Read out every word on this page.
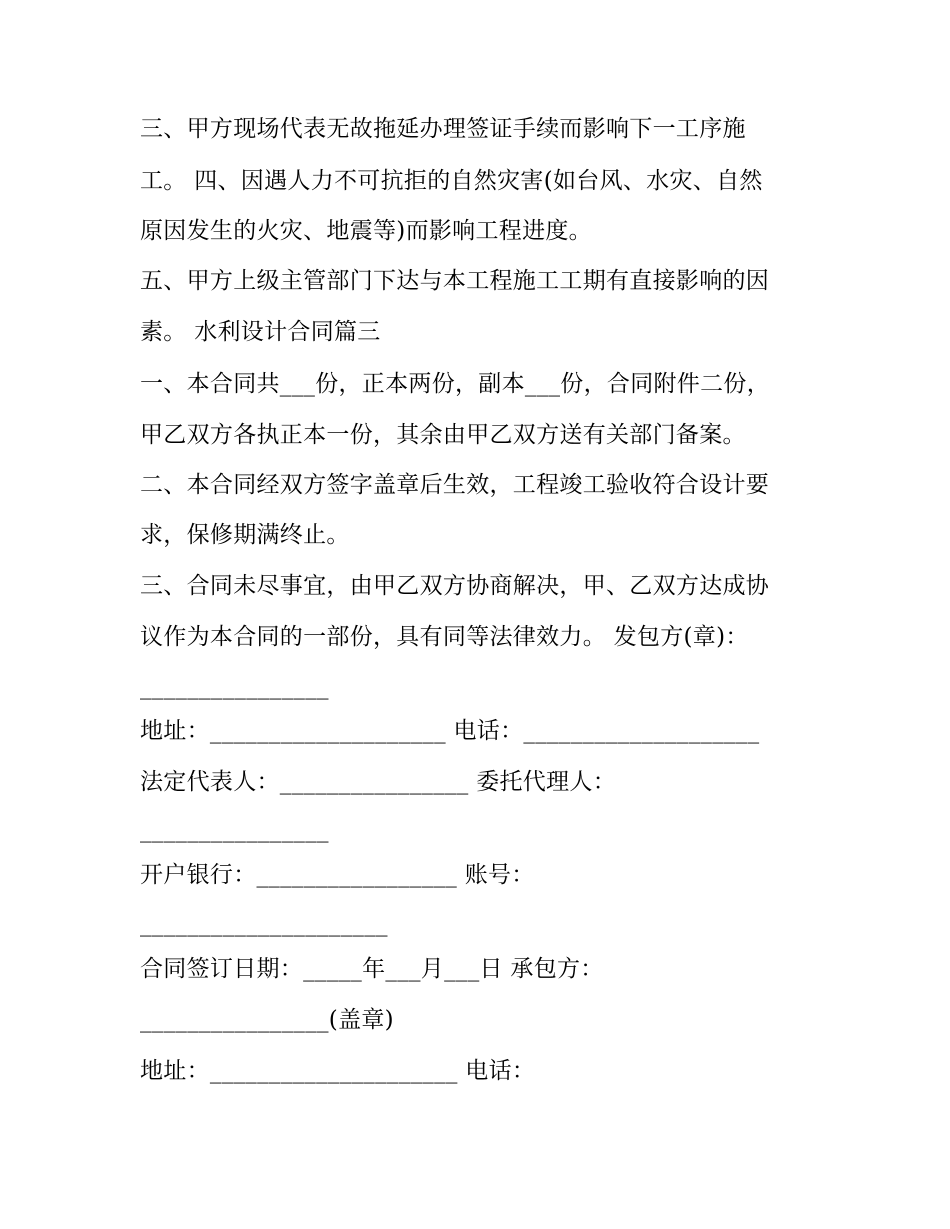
三、甲方现场代表无故拖延办理签证手续而影响下一工序施
工。 四、因遇人力不可抗拒的自然灾害(如台风、水灾、自然
原因发生的火灾、地震等)而影响工程进度。
五、甲方上级主管部门下达与本工程施工工期有直接影响的因
素。 水利设计合同篇三
一、本合同共___份，正本两份，副本___份，合同附件二份，
甲乙双方各执正本一份，其余由甲乙双方送有关部门备案。
二、本合同经双方签字盖章后生效，工程竣工验收符合设计要
求，保修期满终止。
三、合同未尽事宜，由甲乙双方协商解决，甲、乙双方达成协
议作为本合同的一部份，具有同等法律效力。 发包方(章)：
________________
地址：____________________ 电话：____________________
法定代表人：________________ 委托代理人：
________________
开户银行：_________________ 账号：
_____________________
合同签订日期：_____年___月___日 承包方：
________________(盖章)
地址：_____________________ 电话：
